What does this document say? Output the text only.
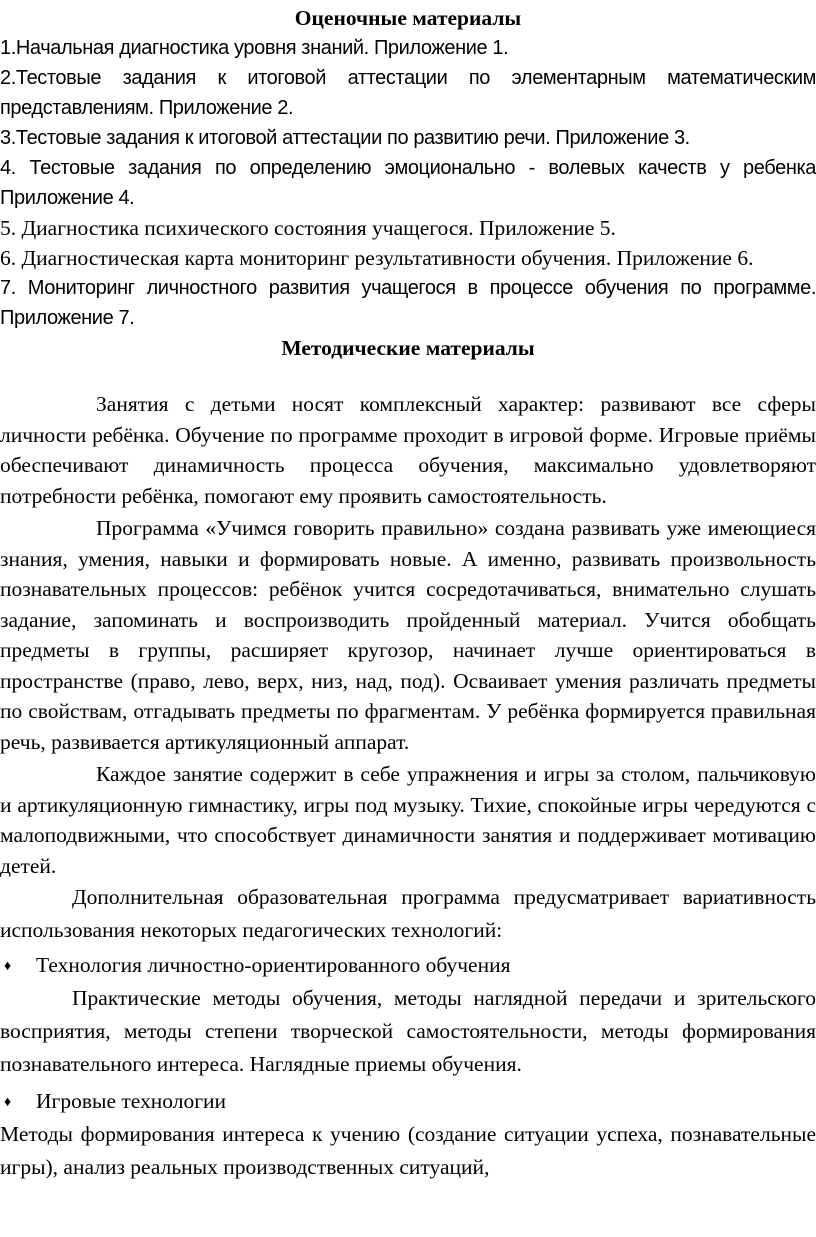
Оценочные материалы

1.Начальная диагностика уровня знаний. Приложение 1.

2.Тестовые задания к итоговой аттестации по элементарным математическим представлениям. Приложение 2.

3.Тестовые задания к итоговой аттестации по развитию речи. Приложение 3.

4. Тестовые задания по определению эмоционально - волевых качеств у ребенка Приложение 4.

5. Диагностика психического состояния учащегося. Приложение 5.

6. Диагностическая карта мониторинг результативности обучения. Приложение 6.

7. Мониторинг личностного развития учащегося в процессе обучения по программе. Приложение 7.

Методические материалы

Занятия с детьми носят комплексный характер: развивают все сферы личности ребёнка. Обучение по программе проходит в игровой форме. Игровые приёмы обеспечивают динамичность процесса обучения, максимально удовлетворяют потребности ребёнка, помогают ему проявить самостоятельность.

Программа «Учимся говорить правильно» создана развивать уже имеющиеся знания, умения, навыки и формировать новые. А именно, развивать произвольность познавательных процессов: ребёнок учится сосредотачиваться, внимательно слушать задание, запоминать и воспроизводить пройденный материал. Учится обобщать предметы в группы, расширяет кругозор, начинает лучше ориентироваться в пространстве (право, лево, верх, низ, над, под). Осваивает умения различать предметы по свойствам, отгадывать предметы по фрагментам. У ребёнка формируется правильная речь, развивается артикуляционный аппарат.

Каждое занятие содержит в себе упражнения и игры за столом, пальчиковую и артикуляционную гимнастику, игры под музыку. Тихие, спокойные игры чередуются с малоподвижными, что способствует динамичности занятия и поддерживает мотивацию детей.

Дополнительная образовательная программа предусматривает вариативность использования некоторых педагогических технологий:

♦ Технология личностно-ориентированного обучения

Практические методы обучения, методы наглядной передачи и зрительского восприятия, методы степени творческой самостоятельности, методы формирования познавательного интереса. Наглядные приемы обучения.

♦ Игровые технологии

Методы формирования интереса к учению (создание ситуации успеха, познавательные игры), анализ реальных производственных ситуаций,
